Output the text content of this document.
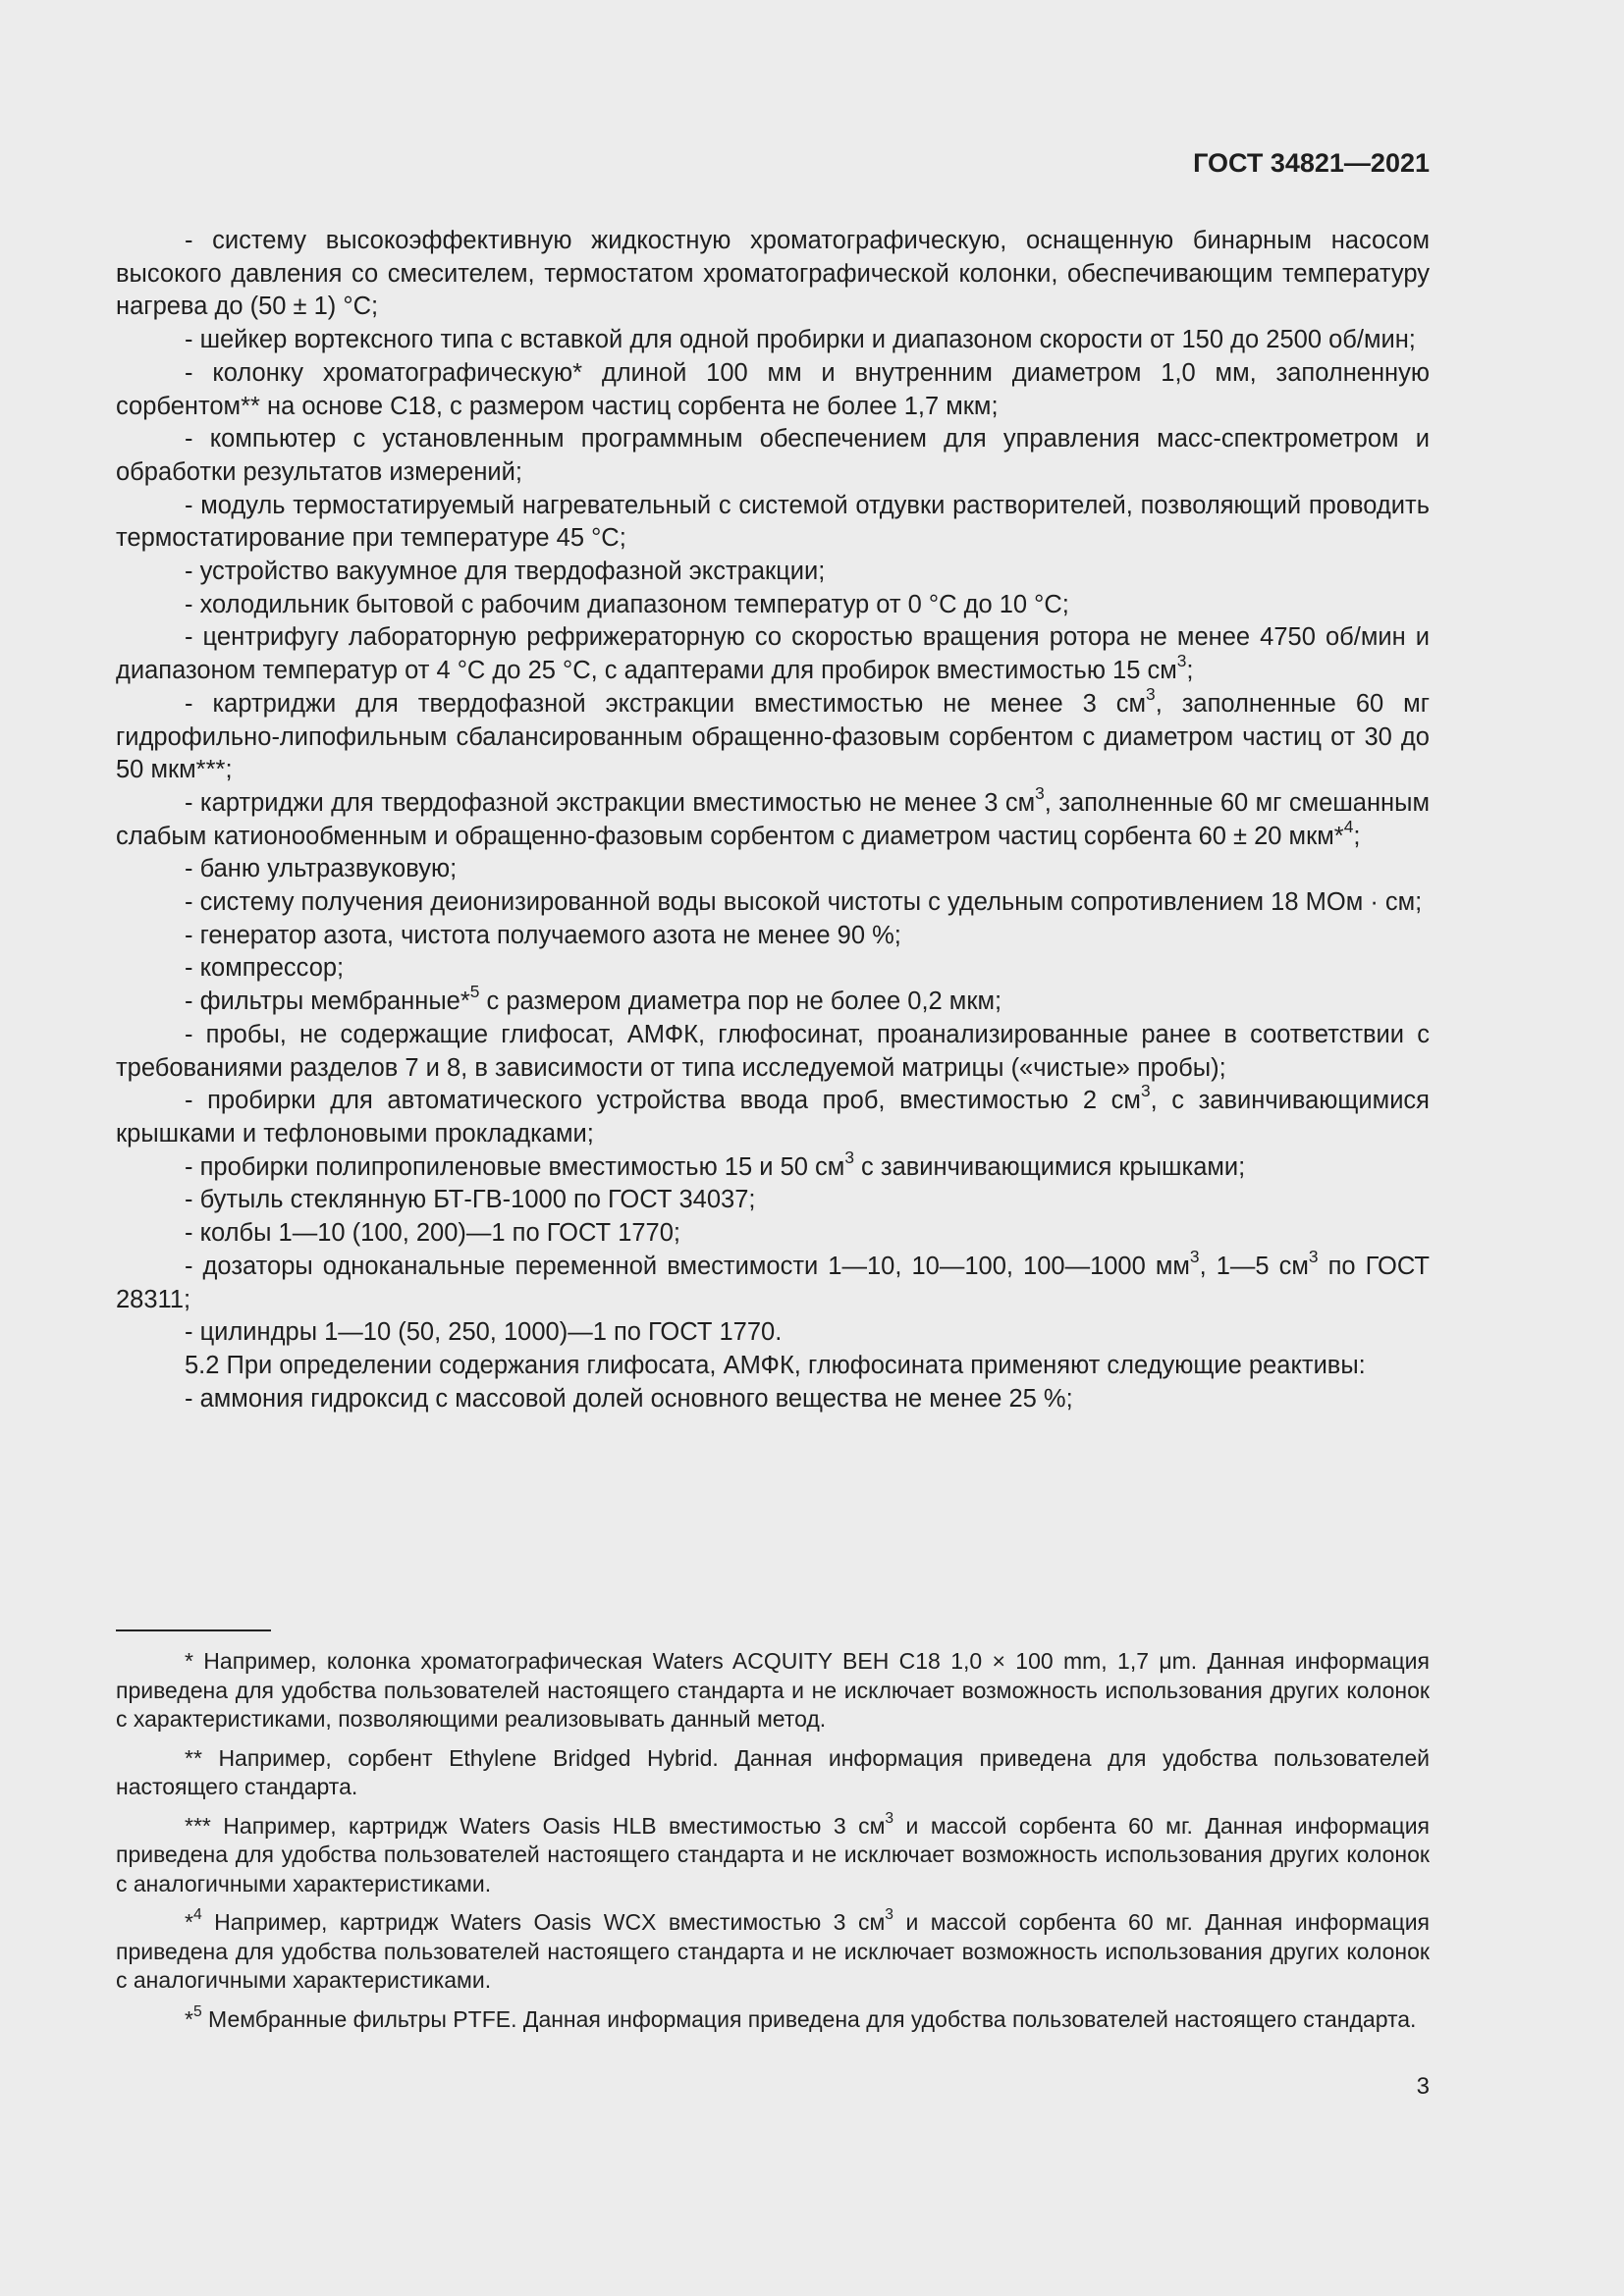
ГОСТ 34821—2021

- систему высокоэффективную жидкостную хроматографическую, оснащенную бинарным насосом высокого давления со смесителем, термостатом хроматографической колонки, обеспечивающим температуру нагрева до (50 ± 1) °С;

- шейкер вортексного типа с вставкой для одной пробирки и диапазоном скорости от 150 до 2500 об/мин;

- колонку хроматографическую* длиной 100 мм и внутренним диаметром 1,0 мм, заполненную сорбентом** на основе С18, с размером частиц сорбента не более 1,7 мкм;

- компьютер с установленным программным обеспечением для управления масс-спектрометром и обработки результатов измерений;

- модуль термостатируемый нагревательный с системой отдувки растворителей, позволяющий проводить термостатирование при температуре 45 °С;

- устройство вакуумное для твердофазной экстракции;

- холодильник бытовой с рабочим диапазоном температур от 0 °С до 10 °С;

- центрифугу лабораторную рефрижераторную со скоростью вращения ротора не менее 4750 об/мин и диапазоном температур от 4 °С до 25 °С, с адаптерами для пробирок вместимостью 15 $см^3$;

- картриджи для твердофазной экстракции вместимостью не менее 3 $см^3$, заполненные 60 мг гидрофильно-липофильным сбалансированным обращенно-фазовым сорбентом с диаметром частиц от 30 до 50 мкм***;

- картриджи для твердофазной экстракции вместимостью не менее 3 $см^3$, заполненные 60 мг смешанным слабым катионообменным и обращенно-фазовым сорбентом с диаметром частиц сорбента 60 ± 20 мкм*$^4$;

- баню ультразвуковую;

- систему получения деионизированной воды высокой чистоты с удельным сопротивлением 18 МОм · см;

- генератор азота, чистота получаемого азота не менее 90 %;

- компрессор;

- фильтры мембранные*$^5$ с размером диаметра пор не более 0,2 мкм;

- пробы, не содержащие глифосат, АМФК, глюфосинат, проанализированные ранее в соответствии с требованиями разделов 7 и 8, в зависимости от типа исследуемой матрицы («чистые» пробы);

- пробирки для автоматического устройства ввода проб, вместимостью 2 $см^3$, с завинчивающимися крышками и тефлоновыми прокладками;

- пробирки полипропиленовые вместимостью 15 и 50 $см^3$ с завинчивающимися крышками;

- бутыль стеклянную БТ-ГВ-1000 по ГОСТ 34037;

- колбы 1—10 (100, 200)—1 по ГОСТ 1770;

- дозаторы одноканальные переменной вместимости 1—10, 10—100, 100—1000 $мм^3$, 1—5 $см^3$ по ГОСТ 28311;

- цилиндры 1—10 (50, 250, 1000)—1 по ГОСТ 1770.

5.2 При определении содержания глифосата, АМФК, глюфосината применяют следующие реактивы:

- аммония гидроксид с массовой долей основного вещества не менее 25 %;

* Например, колонка хроматографическая Waters ACQUITY BEH C18 1,0 × 100 mm, 1,7 μm. Данная информация приведена для удобства пользователей настоящего стандарта и не исключает возможность использования других колонок с характеристиками, позволяющими реализовывать данный метод.

** Например, сорбент Ethylene Bridged Hybrid. Данная информация приведена для удобства пользователей настоящего стандарта.

*** Например, картридж Waters Oasis HLB вместимостью 3 $см^3$ и массой сорбента 60 мг. Данная информация приведена для удобства пользователей настоящего стандарта и не исключает возможность использования других колонок с аналогичными характеристиками.

*$^4$ Например, картридж Waters Oasis WCX вместимостью 3 $см^3$ и массой сорбента 60 мг. Данная информация приведена для удобства пользователей настоящего стандарта и не исключает возможность использования других колонок с аналогичными характеристиками.

*$^5$ Мембранные фильтры PTFE. Данная информация приведена для удобства пользователей настоящего стандарта.

3
